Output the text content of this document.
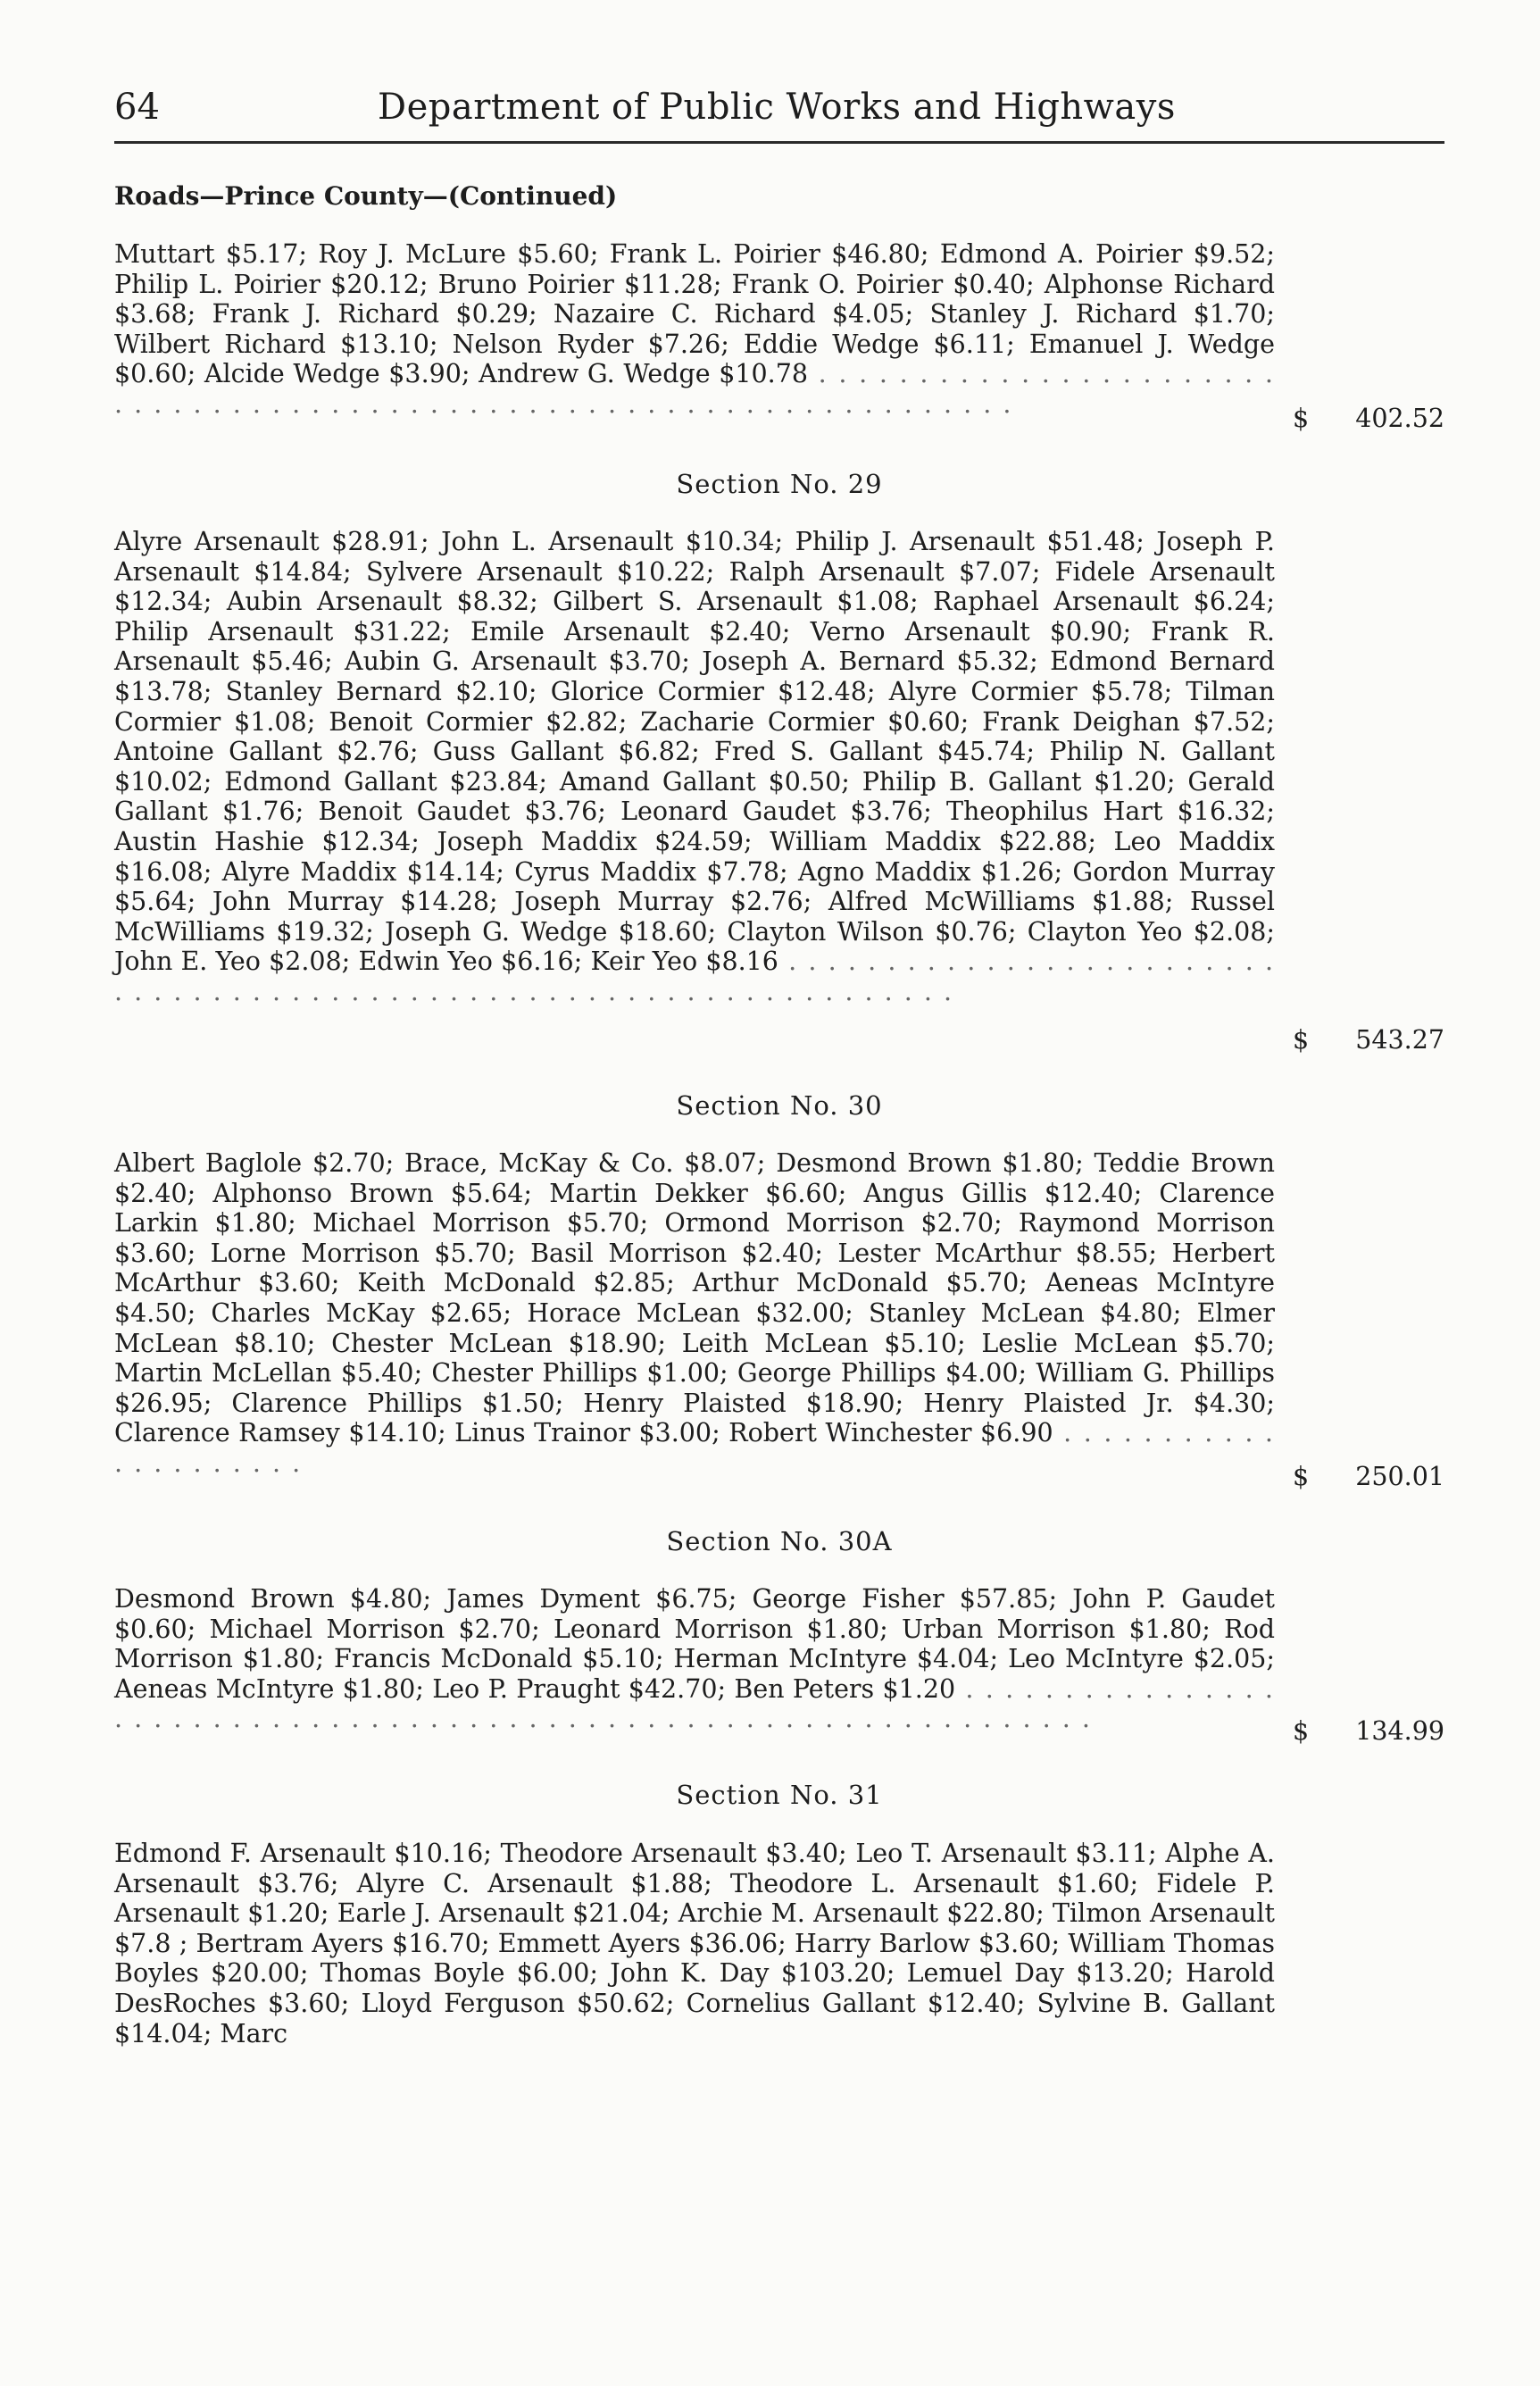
64	Department of Public Works and Highways
Roads—Prince County—(Continued)
Muttart $5.17; Roy J. McLure $5.60; Frank L. Poirier $46.80; Edmond A. Poirier $9.52; Philip L. Poirier $20.12; Bruno Poirier $11.28; Frank O. Poirier $0.40; Alphonse Richard $3.68; Frank J. Richard $0.29; Nazaire C. Richard $4.05; Stanley J. Richard $1.70; Wilbert Richard $13.10; Nelson Ryder $7.26; Eddie Wedge $6.11; Emanuel J. Wedge $0.60; Alcide Wedge $3.90; Andrew G. Wedge $10.78 . . . . . . . . . . . . . . . . . . . . . . . . . . . . . . . . . . . . . . . . . . . . . . . . . . . . . . . . . . . . . . . . . . . . .	$ 402.52
Section No. 29
Alyre Arsenault $28.91; John L. Arsenault $10.34; Philip J. Arsenault $51.48; Joseph P. Arsenault $14.84; Sylvere Arsenault $10.22; Ralph Arsenault $7.07; Fidele Arsenault $12.34; Aubin Arsenault $8.32; Gilbert S. Arsenault $1.08; Raphael Arsenault $6.24; Philip Arsenault $31.22; Emile Arsenault $2.40; Verno Arsenault $0.90; Frank R. Arsenault $5.46; Aubin G. Arsenault $3.70; Joseph A. Bernard $5.32; Edmond Bernard $13.78; Stanley Bernard $2.10; Glorice Cormier $12.48; Alyre Cormier $5.78; Tilman Cormier $1.08; Benoit Cormier $2.82; Zacharie Cormier $0.60; Frank Deighan $7.52; Antoine Gallant $2.76; Guss Gallant $6.82; Fred S. Gallant $45.74; Philip N. Gallant $10.02; Edmond Gallant $23.84; Amand Gallant $0.50; Philip B. Gallant $1.20; Gerald Gallant $1.76; Benoit Gaudet $3.76; Leonard Gaudet $3.76; Theophilus Hart $16.32; Austin Hashie $12.34; Joseph Maddix $24.59; William Maddix $22.88; Leo Maddix $16.08; Alyre Maddix $14.14; Cyrus Maddix $7.78; Agno Maddix $1.26; Gordon Murray $5.64; John Murray $14.28; Joseph Murray $2.76; Alfred McWilliams $1.88; Russel McWilliams $19.32; Joseph G. Wedge $18.60; Clayton Wilson $0.76; Clayton Yeo $2.08; John E. Yeo $2.08; Edwin Yeo $6.16; Keir Yeo $8.16 . . . . . . . . . . . . . . . . . . . . . . . . . . . . . . . . . . . . . . . . . . . . . . . . . . . . . . . . . . . . . . . . . . . .
$ 543.27
Section No. 30
Albert Baglole $2.70; Brace, McKay & Co. $8.07; Desmond Brown $1.80; Teddie Brown $2.40; Alphonso Brown $5.64; Martin Dekker $6.60; Angus Gillis $12.40; Clarence Larkin $1.80; Michael Morrison $5.70; Ormond Morrison $2.70; Raymond Morrison $3.60; Lorne Morrison $5.70; Basil Morrison $2.40; Lester McArthur $8.55; Herbert McArthur $3.60; Keith McDonald $2.85; Arthur McDonald $5.70; Aeneas McIntyre $4.50; Charles McKay $2.65; Horace McLean $32.00; Stanley McLean $4.80; Elmer McLean $8.10; Chester McLean $18.90; Leith McLean $5.10; Leslie McLean $5.70; Martin McLellan $5.40; Chester Phillips $1.00; George Phillips $4.00; William G. Phillips $26.95; Clarence Phillips $1.50; Henry Plaisted $18.90; Henry Plaisted Jr. $4.30; Clarence Ramsey $14.10; Linus Trainor $3.00; Robert Winchester $6.90 . . . . . . . . . . . . . . . . . . . . .	$ 250.01
Section No. 30A
Desmond Brown $4.80; James Dyment $6.75; George Fisher $57.85; John P. Gaudet $0.60; Michael Morrison $2.70; Leonard Morrison $1.80; Urban Morrison $1.80; Rod Morrison $1.80; Francis McDonald $5.10; Herman McIntyre $4.04; Leo McIntyre $2.05; Aeneas McIntyre $1.80; Leo P. Praught $42.70; Ben Peters $1.20 . . . . . . . . . . . . . . . . . . . . . . . . . . . . . . . . . . . . . . . . . . . . . . . . . . . . . . . . . . . . . . . . . .	$ 134.99
Section No. 31
Edmond F. Arsenault $10.16; Theodore Arsenault $3.40; Leo T. Arsenault $3.11; Alphe A. Arsenault $3.76; Alyre C. Arsenault $1.88; Theodore L. Arsenault $1.60; Fidele P. Arsenault $1.20; Earle J. Arsenault $21.04; Archie M. Arsenault $22.80; Tilmon Arsenault $7.8 ; Bertram Ayers $16.70; Emmett Ayers $36.06; Harry Barlow $3.60; William Thomas Boyles $20.00; Thomas Boyle $6.00; John K. Day $103.20; Lemuel Day $13.20; Harold DesRoches $3.60; Lloyd Ferguson $50.62; Cornelius Gallant $12.40; Sylvine B. Gallant $14.04; Marc
